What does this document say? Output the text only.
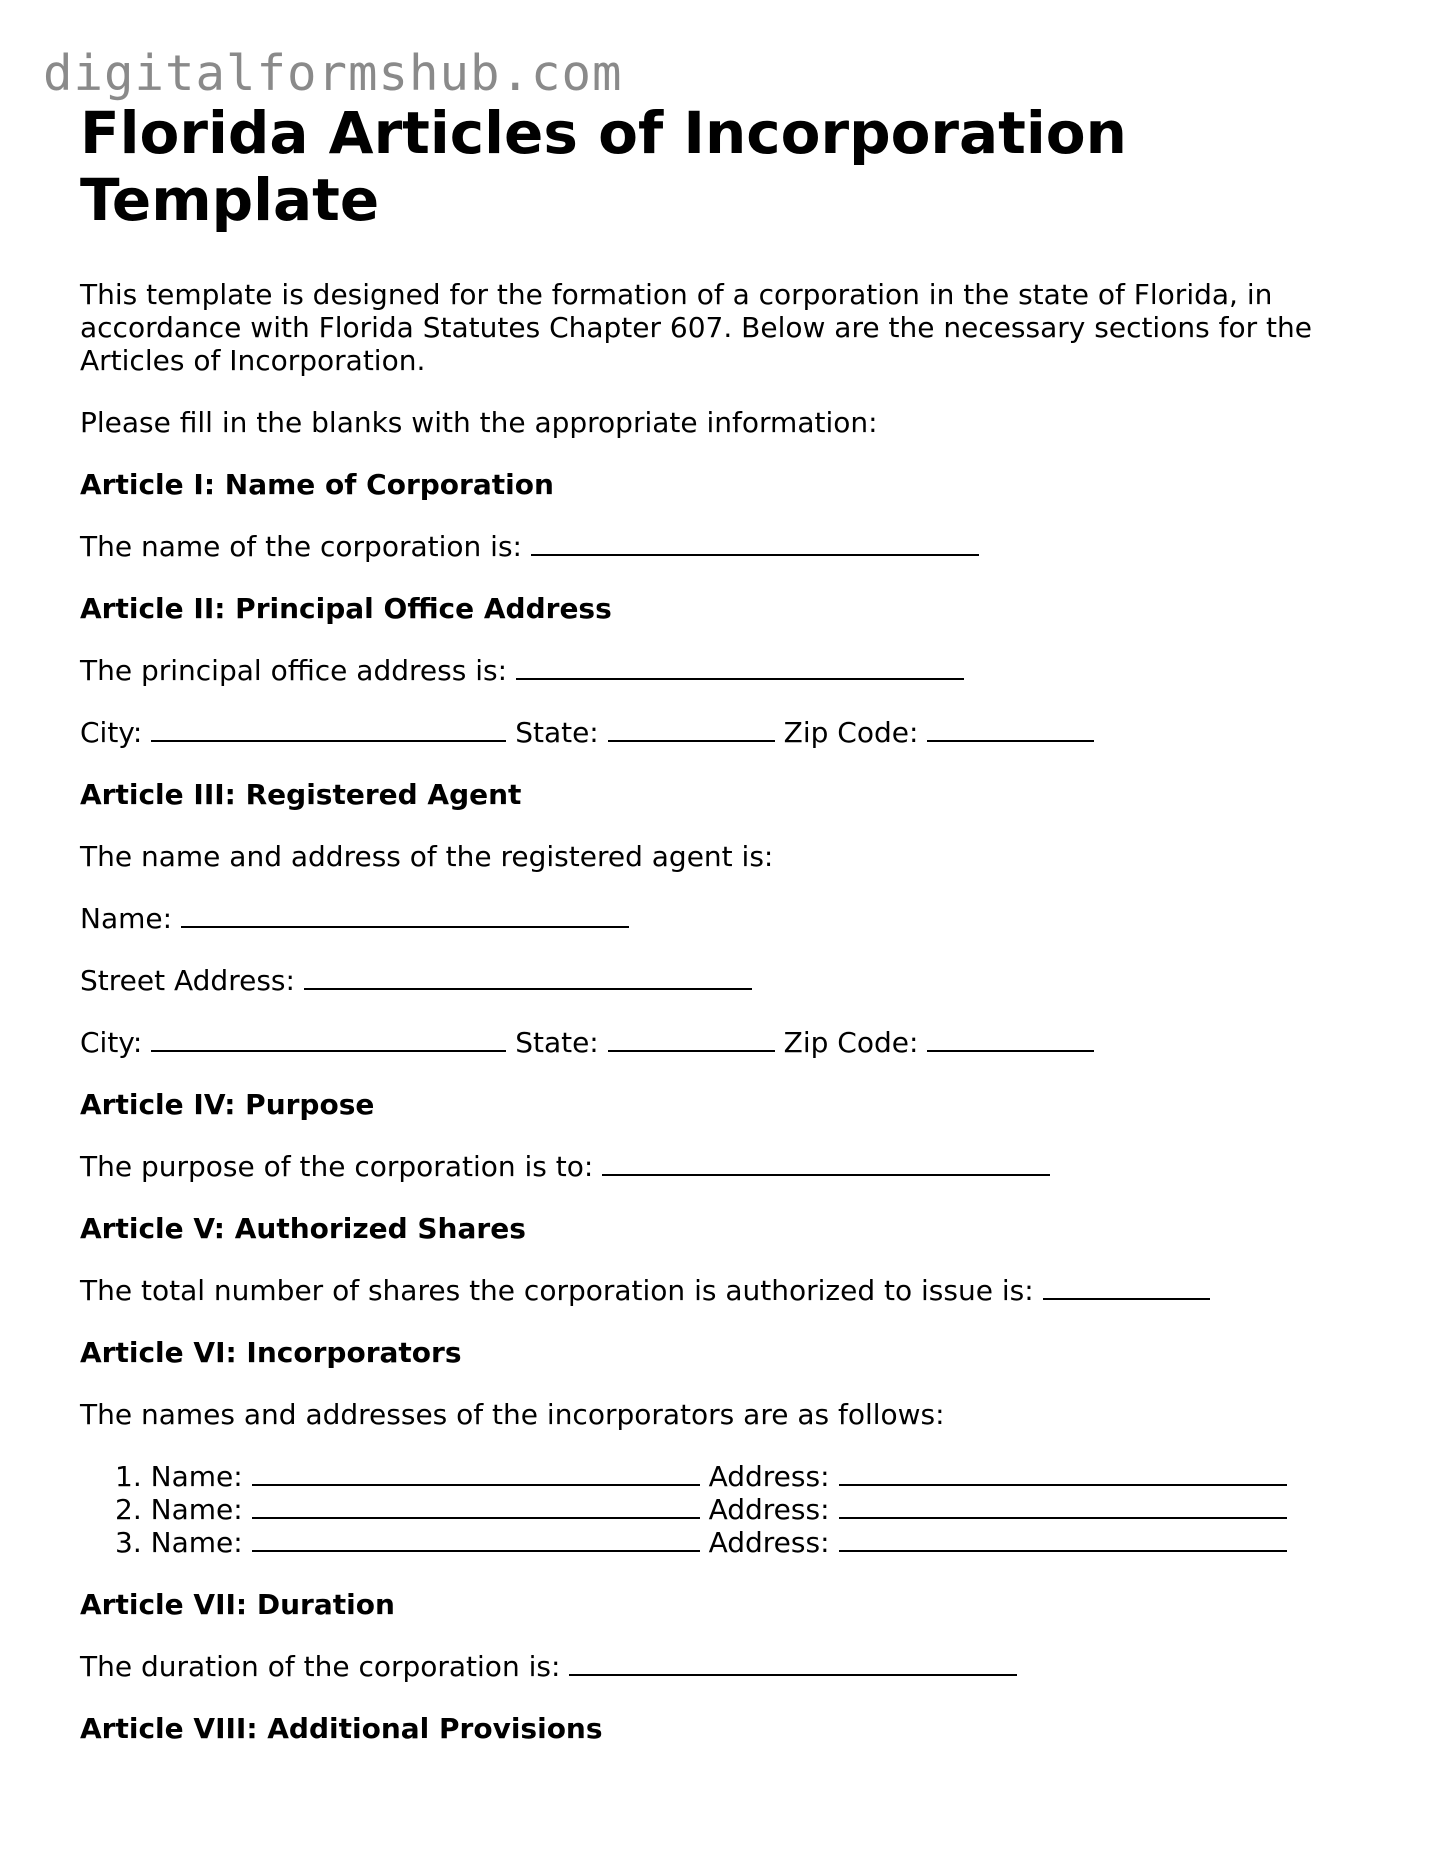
digitalformshub.com
Florida Articles of Incorporation Template

This template is designed for the formation of a corporation in the state of Florida, in accordance with Florida Statutes Chapter 607. Below are the necessary sections for the Articles of Incorporation.

Please fill in the blanks with the appropriate information:

Article I: Name of Corporation

The name of the corporation is:

Article II: Principal Office Address

The principal office address is:

City:	State:	Zip Code:

Article III: Registered Agent

The name and address of the registered agent is:

Name:

Street Address:

City:	State:	Zip Code:

Article IV: Purpose

The purpose of the corporation is to:

Article V: Authorized Shares

The total number of shares the corporation is authorized to issue is:

Article VI: Incorporators

The names and addresses of the incorporators are as follows:

1. Name:	Address:
2. Name:	Address:
3. Name:	Address:

Article VII: Duration

The duration of the corporation is:

Article VIII: Additional Provisions
